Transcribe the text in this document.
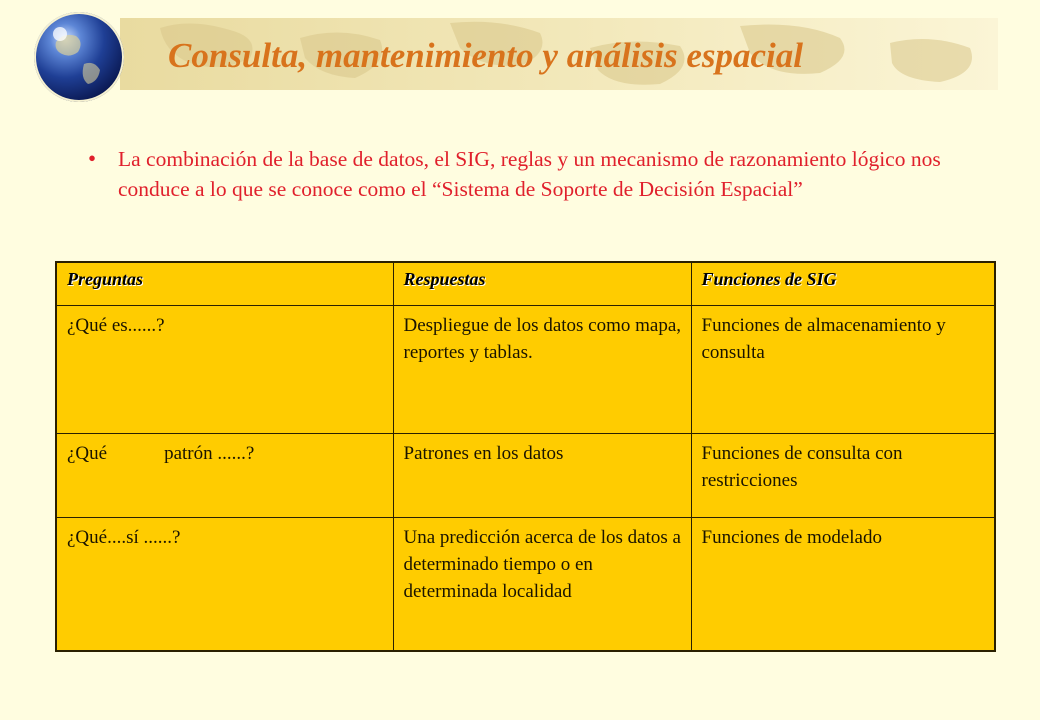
Consulta, mantenimiento y análisis espacial
• La combinación de la base de datos, el SIG, reglas y un mecanismo de razonamiento lógico nos conduce a lo que se conoce como el “Sistema de Soporte de Decisión Espacial”

Preguntas	Respuestas	Funciones de SIG
¿Qué es......?	Despliegue de los datos como mapa, reportes y tablas.	Funciones de almacenamiento y consulta
¿Qué            patrón ......?	Patrones en los datos	Funciones de consulta con restricciones
¿Qué....sí ......?	Una predicción acerca de los datos a determinado tiempo o en determinada localidad	Funciones de modelado
